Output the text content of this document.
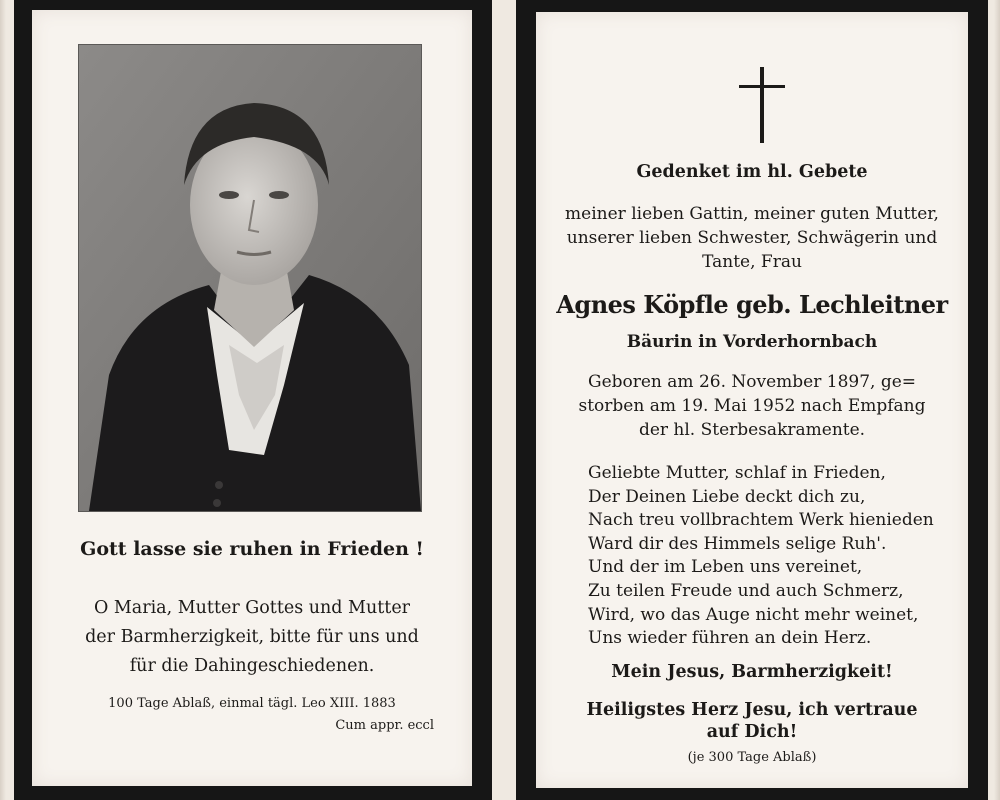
Gott lasse sie ruhen in Frieden !
O Maria, Mutter Gottes und Mutter
der Barmherzigkeit, bitte für uns und
für die Dahingeschiedenen.
100 Tage Ablaß, einmal tägl. Leo XIII. 1883
Cum appr. eccl
Gedenket im hl. Gebete
meiner lieben Gattin, meiner guten Mutter,
unserer lieben Schwester, Schwägerin und
Tante, Frau
Agnes Köpfle geb. Lechleitner
Bäurin in Vorderhornbach
Geboren am 26. November 1897, ge=
storben am 19. Mai 1952 nach Empfang
der hl. Sterbesakramente.
Geliebte Mutter, schlaf in Frieden,
Der Deinen Liebe deckt dich zu,
Nach treu vollbrachtem Werk hienieden
Ward dir des Himmels selige Ruh'.
Und der im Leben uns vereinet,
Zu teilen Freude und auch Schmerz,
Wird, wo das Auge nicht mehr weinet,
Uns wieder führen an dein Herz.
Mein Jesus, Barmherzigkeit!
Heiligstes Herz Jesu, ich vertraue
auf Dich!
(je 300 Tage Ablaß)
